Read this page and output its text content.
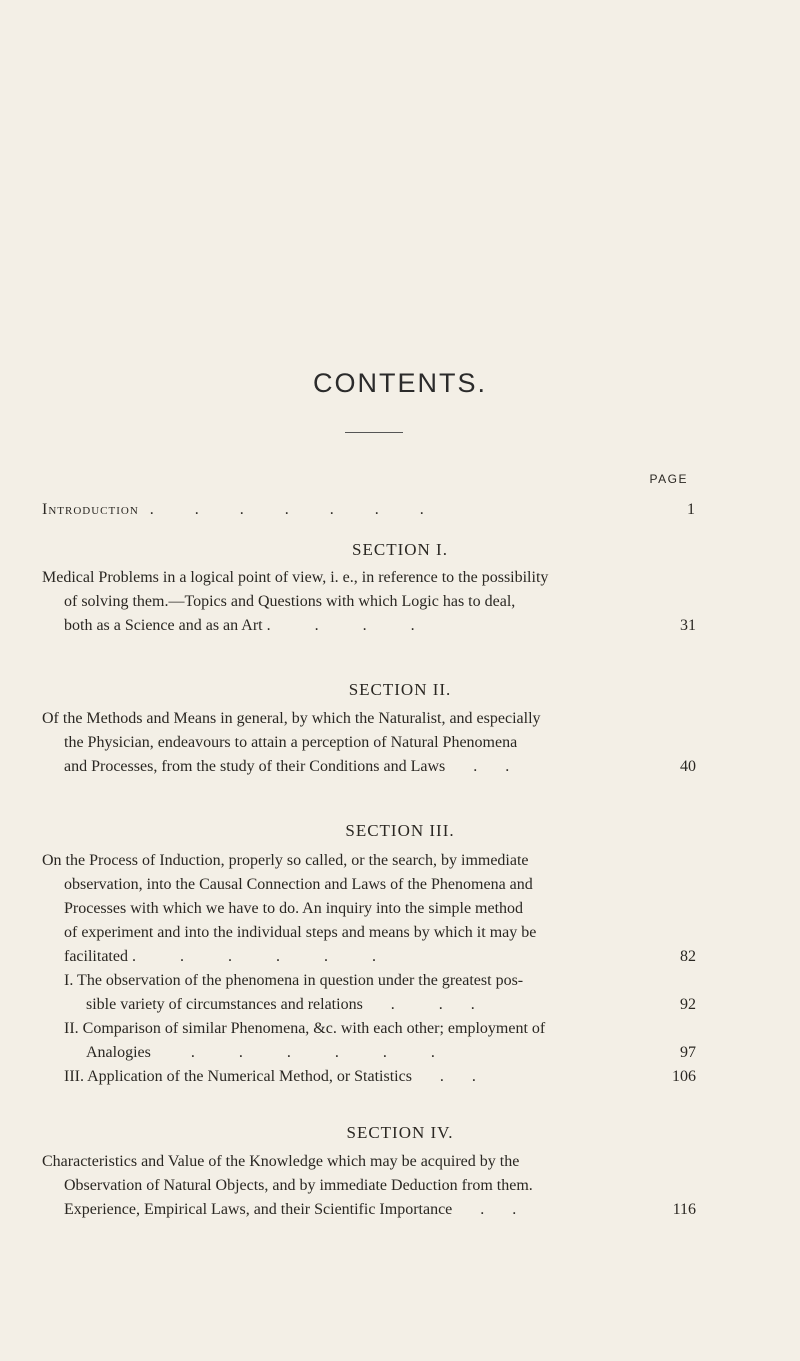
CONTENTS.
PAGE
Introduction .        .        .        .        .        .        .	1
SECTION I.
Medical Problems in a logical point of view, i. e., in reference to the possibility
of solving them.—Topics and Questions with which Logic has to deal,
both as a Science and as an Art .           .           .           .	31
SECTION II.
Of the Methods and Means in general, by which the Naturalist, and especially
the Physician, endeavours to attain a perception of Natural Phenomena
and Processes, from the study of their Conditions and Laws       .       .	40
SECTION III.
On the Process of Induction, properly so called, or the search, by immediate
observation, into the Causal Connection and Laws of the Phenomena and
Processes with which we have to do. An inquiry into the simple method
of experiment and into the individual steps and means by which it may be
facilitated .           .           .           .           .           .	82
I. The observation of the phenomena in question under the greatest pos-
sible variety of circumstances and relations       .           .       .	92
II. Comparison of similar Phenomena, &c. with each other; employment of
Analogies          .           .           .           .           .           .	97
III. Application of the Numerical Method, or Statistics       .       .	106
SECTION IV.
Characteristics and Value of the Knowledge which may be acquired by the
Observation of Natural Objects, and by immediate Deduction from them.
Experience, Empirical Laws, and their Scientific Importance       .       .	116
